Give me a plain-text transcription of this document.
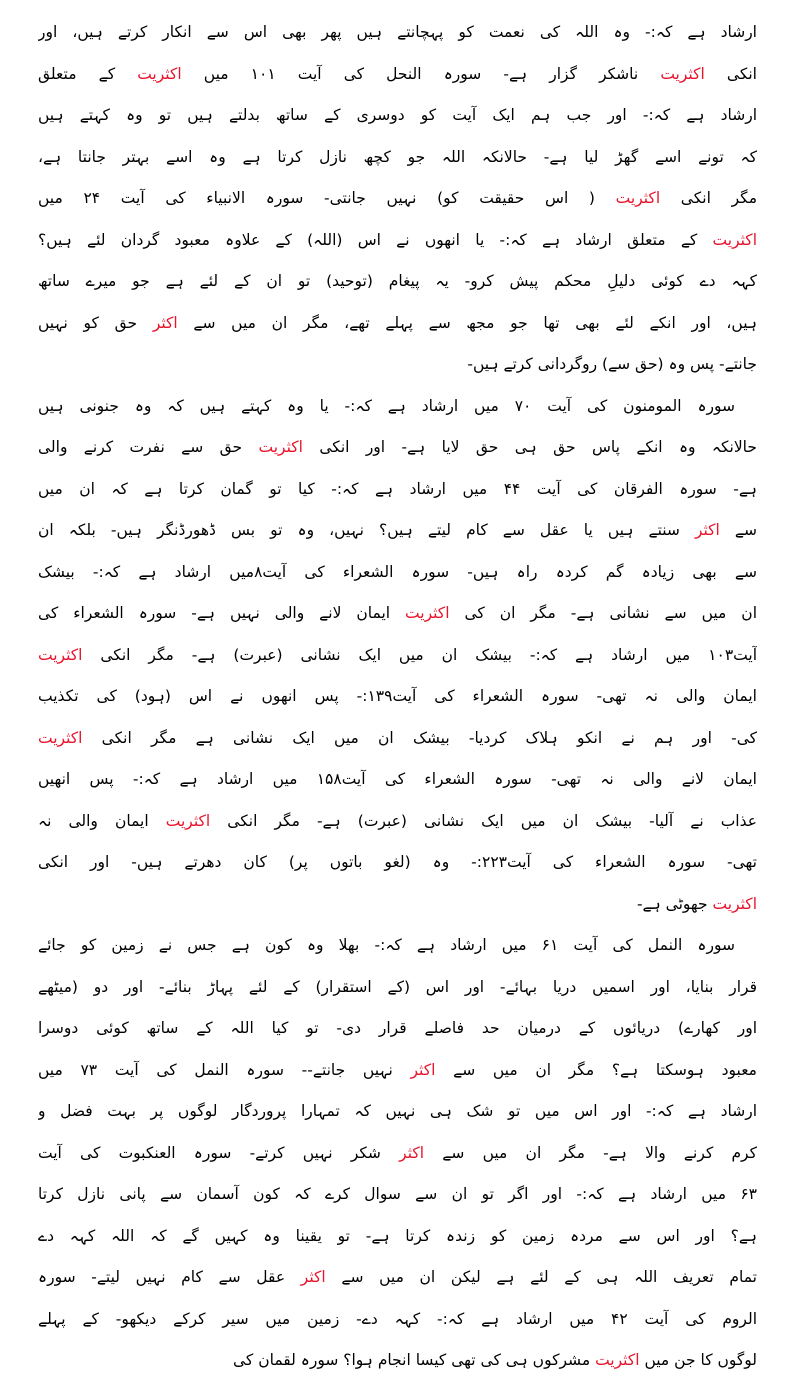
ارشاد ہے کہ:- وہ اللہ کی نعمت کو پہچانتے ہیں پھر بھی اس سے انکار کرتے ہیں، اور
انکی اکثریت ناشکر گزار ہے- سورہ النحل کی آیت ۱۰۱ میں اکثریت کے متعلق
ارشاد ہے کہ:- اور جب ہم ایک آیت کو دوسری کے ساتھ بدلتے ہیں تو وہ کہتے ہیں
کہ تونے اسے گھڑ لیا ہے- حالانکہ اللہ جو کچھ نازل کرتا ہے وہ اسے بہتر جانتا ہے،
مگر انکی اکثریت ( اس حقیقت کو) نہیں جانتی- سورہ الانبیاء کی آیت ۲۴ میں
اکثریت کے متعلق ارشاد ہے کہ:- یا انھوں نے اس (اللہ) کے علاوہ معبود گردان لئے ہیں؟
کہہ دے کوئی دلیلِ محکم پیش کرو- یہ پیغام (توحید) تو ان کے لئے ہے جو میرے ساتھ
ہیں، اور انکے لئے بھی تھا جو مجھ سے پہلے تھے، مگر ان میں سے اکثر حق کو نہیں
جانتے- پس وہ (حق سے) روگردانی کرتے ہیں-
سورہ المومنون کی آیت ۷۰ میں ارشاد ہے کہ:- یا وہ کہتے ہیں کہ وہ جنونی ہیں
حالانکہ وہ انکے پاس حق ہی حق لایا ہے- اور انکی اکثریت حق سے نفرت کرنے والی
ہے- سورہ الفرقان کی آیت ۴۴ میں ارشاد ہے کہ:- کیا تو گمان کرتا ہے کہ ان میں
سے اکثر سنتے ہیں یا عقل سے کام لیتے ہیں؟ نہیں، وہ تو بس ڈھورڈنگر ہیں- بلکہ ان
سے بھی زیادہ گم کردہ راہ ہیں- سورہ الشعراء کی آیت۸میں ارشاد ہے کہ:- بیشک
ان میں سے نشانی ہے- مگر ان کی اکثریت ایمان لانے والی نہیں ہے- سورہ الشعراء کی
آیت۱۰۳ میں ارشاد ہے کہ:- بیشک ان میں ایک نشانی (عبرت) ہے- مگر انکی اکثریت
ایمان والی نہ تھی- سورہ الشعراء کی آیت۱۳۹:- پس انھوں نے اس (ہود) کی تکذیب
کی- اور ہم نے انکو ہلاک کردیا- بیشک ان میں ایک نشانی ہے مگر انکی اکثریت
ایمان لانے والی نہ تھی- سورہ الشعراء کی آیت۱۵۸ میں ارشاد ہے کہ:- پس انھیں
عذاب نے آلیا- بیشک ان میں ایک نشانی (عبرت) ہے- مگر انکی اکثریت ایمان والی نہ
تھی- سورہ الشعراء کی آیت۲۲۳:- وہ (لغو باتوں پر) کان دھرتے ہیں- اور انکی
اکثریت جھوٹی ہے-
سورہ النمل کی آیت ۶۱ میں ارشاد ہے کہ:- بھلا وہ کون ہے جس نے زمین کو جائے
قرار بنایا، اور اسمیں دریا بہائے- اور اس (کے استقرار) کے لئے پہاڑ بنائے- اور دو (میٹھے
اور کھارے) دریائوں کے درمیان حد فاصلے قرار دی- تو کیا اللہ کے ساتھ کوئی دوسرا
معبود ہوسکتا ہے؟ مگر ان میں سے اکثر نہیں جانتے-- سورہ النمل کی آیت ۷۳ میں
ارشاد ہے کہ:- اور اس میں تو شک ہی نہیں کہ تمہارا پروردگار لوگوں پر بہت فضل و
کرم کرنے والا ہے- مگر ان میں سے اکثر شکر نہیں کرتے- سورہ العنکبوت کی آیت
۶۳ میں ارشاد ہے کہ:- اور اگر تو ان سے سوال کرے کہ کون آسمان سے پانی نازل کرتا
ہے؟ اور اس سے مردہ زمین کو زندہ کرتا ہے- تو یقینا وہ کہیں گے کہ اللہ کہہ دے
تمام تعریف اللہ ہی کے لئے ہے لیکن ان میں سے اکثر عقل سے کام نہیں لیتے- سورہ
الروم کی آیت ۴۲ میں ارشاد ہے کہ:- کہہ دے- زمین میں سیر کرکے دیکھو- کے پہلے
لوگوں کا جن میں اکثریت مشرکوں ہی کی تھی کیسا انجام ہوا؟ سورہ لقمان کی
